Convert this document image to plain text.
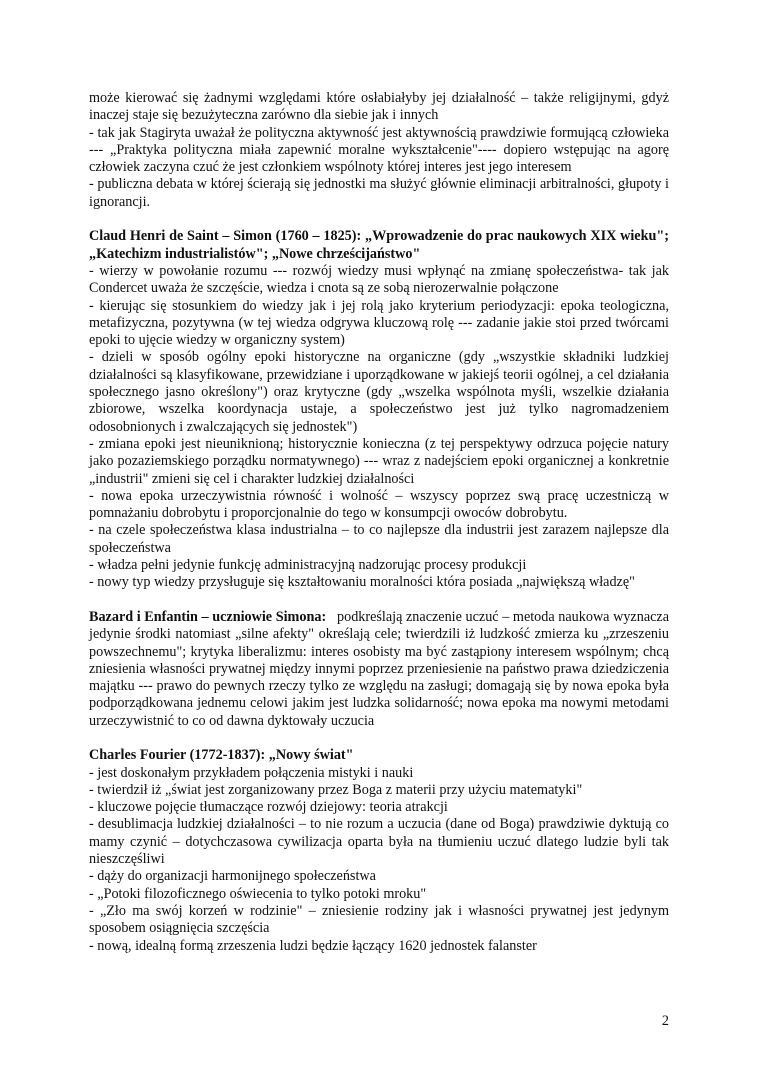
może kierować się żadnymi względami które osłabiałyby jej działalność – także religijnymi, gdyż inaczej staje się bezużyteczna zarówno dla siebie jak i innych

- tak jak Stagiryta uważał że polityczna aktywność jest aktywnością prawdziwie formującą człowieka --- „Praktyka polityczna miała zapewnić moralne wykształcenie"---- dopiero wstępując na agorę człowiek zaczyna czuć że jest członkiem wspólnoty której interes jest jego interesem

- publiczna debata w której ścierają się jednostki ma służyć głównie eliminacji arbitralności, głupoty i ignorancji.

Claud Henri de Saint – Simon (1760 – 1825): „Wprowadzenie do prac naukowych XIX wieku"; „Katechizm industrialistów"; „Nowe chrześcijaństwo"

- wierzy w powołanie rozumu --- rozwój wiedzy musi wpłynąć na zmianę społeczeństwa- tak jak Condercet uważa że szczęście, wiedza i cnota są ze sobą nierozerwalnie połączone

- kierując się stosunkiem do wiedzy jak i jej rolą jako kryterium periodyzacji: epoka teologiczna, metafizyczna, pozytywna (w tej wiedza odgrywa kluczową rolę --- zadanie jakie stoi przed twórcami epoki to ujęcie wiedzy w organiczny system)

- dzieli w sposób ogólny epoki historyczne na organiczne (gdy „wszystkie składniki ludzkiej działalności są klasyfikowane, przewidziane i uporządkowane w jakiejś teorii ogólnej, a cel działania społecznego jasno określony") oraz krytyczne (gdy „wszelka wspólnota myśli, wszelkie działania zbiorowe, wszelka koordynacja ustaje, a społeczeństwo jest już tylko nagromadzeniem odosobnionych i zwalczających się jednostek")

- zmiana epoki jest nieuniknioną; historycznie konieczna (z tej perspektywy odrzuca pojęcie natury jako pozaziemskiego porządku normatywnego) --- wraz z nadejściem epoki organicznej a konkretnie „industrii" zmieni się cel i charakter ludzkiej działalności

- nowa epoka urzeczywistnia równość i wolność – wszyscy poprzez swą pracę uczestniczą w pomnażaniu dobrobytu i proporcjonalnie do tego w konsumpcji owoców dobrobytu.

- na czele społeczeństwa klasa industrialna – to co najlepsze dla industrii jest zarazem najlepsze dla społeczeństwa

- władza pełni jedynie funkcję administracyjną nadzorując procesy produkcji

- nowy typ wiedzy przysługuje się kształtowaniu moralności która posiada „największą władzę"

Bazard i Enfantin – uczniowie Simona: podkreślają znaczenie uczuć – metoda naukowa wyznacza jedynie środki natomiast „silne afekty" określają cele; twierdzili iż ludzkość zmierza ku „zrzeszeniu powszechnemu"; krytyka liberalizmu: interes osobisty ma być zastąpiony interesem wspólnym; chcą zniesienia własności prywatnej między innymi poprzez przeniesienie na państwo prawa dziedziczenia majątku --- prawo do pewnych rzeczy tylko ze względu na zasługi; domagają się by nowa epoka była podporządkowana jednemu celowi jakim jest ludzka solidarność; nowa epoka ma nowymi metodami urzeczywistnić to co od dawna dyktowały uczucia

Charles Fourier (1772-1837): „Nowy świat"

- jest doskonałym przykładem połączenia mistyki i nauki

- twierdził iż „świat jest zorganizowany przez Boga z materii przy użyciu matematyki"

- kluczowe pojęcie tłumaczące rozwój dziejowy: teoria atrakcji

- desublimacja ludzkiej działalności – to nie rozum a uczucia (dane od Boga) prawdziwie dyktują co mamy czynić – dotychczasowa cywilizacja oparta była na tłumieniu uczuć dlatego ludzie byli tak nieszczęśliwi

- dąży do organizacji harmonijnego społeczeństwa

- „Potoki filozoficznego oświecenia to tylko potoki mroku"

- „Zło ma swój korzeń w rodzinie" – zniesienie rodziny jak i własności prywatnej jest jedynym sposobem osiągnięcia szczęścia

- nową, idealną formą zrzeszenia ludzi będzie łączący 1620 jednostek falanster

2
